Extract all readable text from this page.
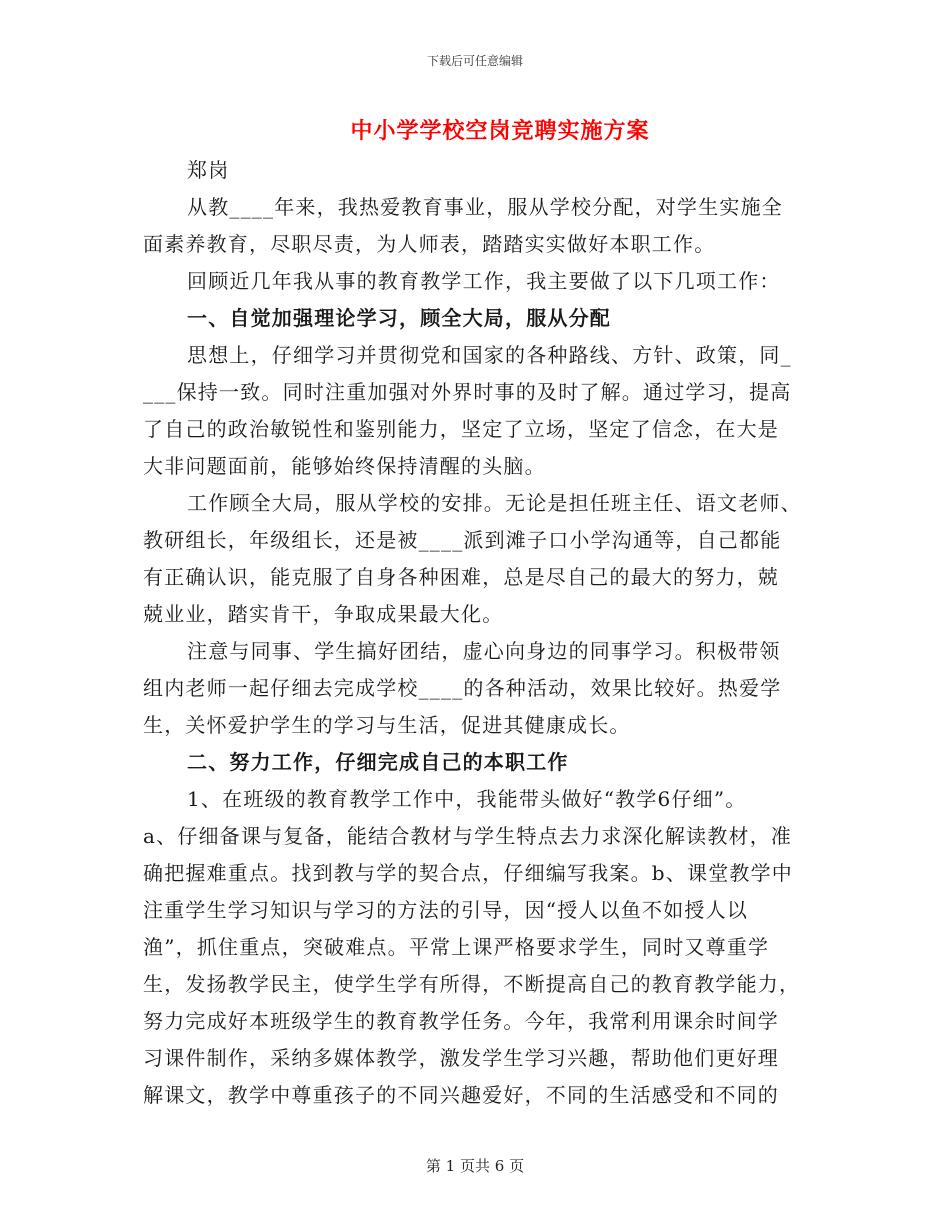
下载后可任意编辑
中小学学校空岗竞聘实施方案
郑岗
从教____年来，我热爱教育事业，服从学校分配，对学生实施全
面素养教育，尽职尽责，为人师表，踏踏实实做好本职工作。
回顾近几年我从事的教育教学工作，我主要做了以下几项工作：
一、自觉加强理论学习，顾全大局，服从分配
思想上，仔细学习并贯彻党和国家的各种路线、方针、政策，同_
___保持一致。同时注重加强对外界时事的及时了解。通过学习，提高
了自己的政治敏锐性和鉴别能力，坚定了立场，坚定了信念，在大是
大非问题面前，能够始终保持清醒的头脑。
工作顾全大局，服从学校的安排。无论是担任班主任、语文老师、
教研组长，年级组长，还是被____派到滩子口小学沟通等，自己都能
有正确认识，能克服了自身各种困难，总是尽自己的最大的努力，兢
兢业业，踏实肯干，争取成果最大化。
注意与同事、学生搞好团结，虚心向身边的同事学习。积极带领
组内老师一起仔细去完成学校____的各种活动，效果比较好。热爱学
生，关怀爱护学生的学习与生活，促进其健康成长。
二、努力工作，仔细完成自己的本职工作
1、在班级的教育教学工作中，我能带头做好“教学6仔细”。
a、仔细备课与复备，能结合教材与学生特点去力求深化解读教材，准
确把握难重点。找到教与学的契合点，仔细编写我案。b、课堂教学中
注重学生学习知识与学习的方法的引导，因“授人以鱼不如授人以
渔”，抓住重点，突破难点。平常上课严格要求学生，同时又尊重学
生，发扬教学民主，使学生学有所得，不断提高自己的教育教学能力，
努力完成好本班级学生的教育教学任务。今年，我常利用课余时间学
习课件制作，采纳多媒体教学，激发学生学习兴趣，帮助他们更好理
解课文，教学中尊重孩子的不同兴趣爱好，不同的生活感受和不同的
第 1 页共 6 页
